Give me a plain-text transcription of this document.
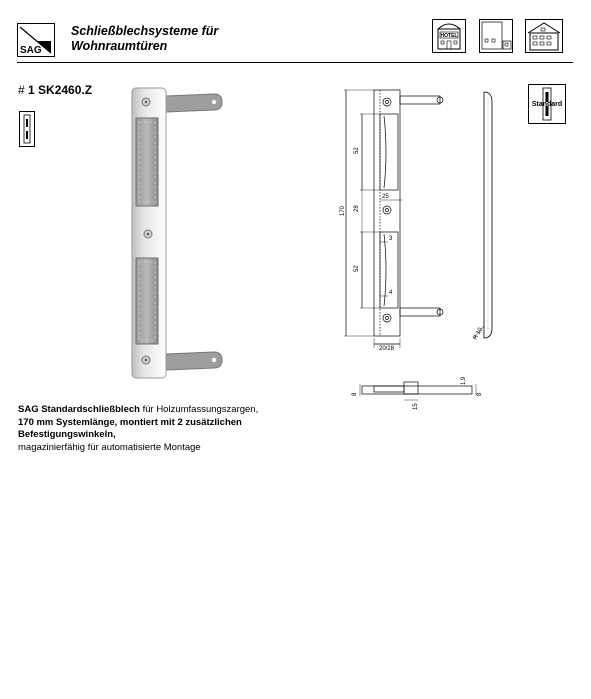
SAG
Schließblechsysteme für
Wohnraumtüren
HOTEL
# 1 SK2460.Z
52
28
52
170
25
3
4
20/28
R 10
8	8
15
1,9
Standard
SAG Standardschließblech für Holzumfassungszargen,
170 mm Systemlänge, montiert mit 2 zusätzlichen
Befestigungswinkeln,
magazinierfähig für automatisierte Montage
